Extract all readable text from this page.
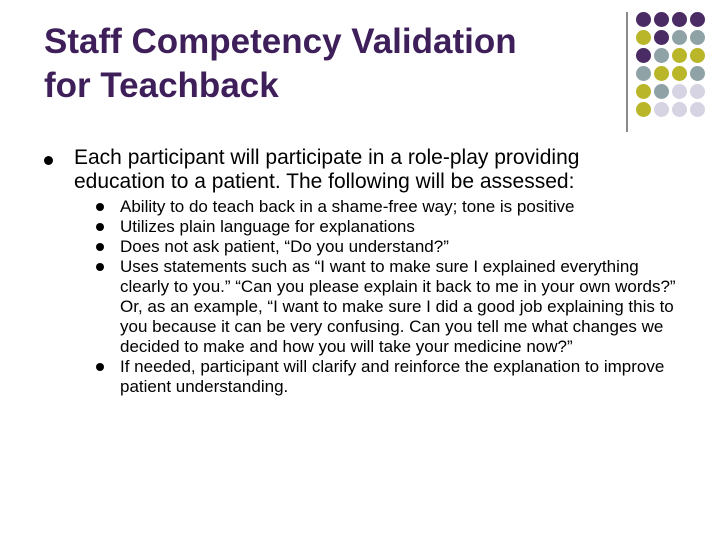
Staff Competency Validation
for Teachback
Each participant will participate in a role-play providing education to a patient. The following will be assessed:
Ability to do teach back in a shame-free way; tone is positive
Utilizes plain language for explanations
Does not ask patient, “Do you understand?”
Uses statements such as “I want to make sure I explained everything clearly to you.” “Can you please explain it back to me in your own words?” Or, as an example, “I want to make sure I did a good job explaining this to you because it can be very confusing. Can you tell me what changes we decided to make and how you will take your medicine now?”
If needed, participant will clarify and reinforce the explanation to improve patient understanding.
